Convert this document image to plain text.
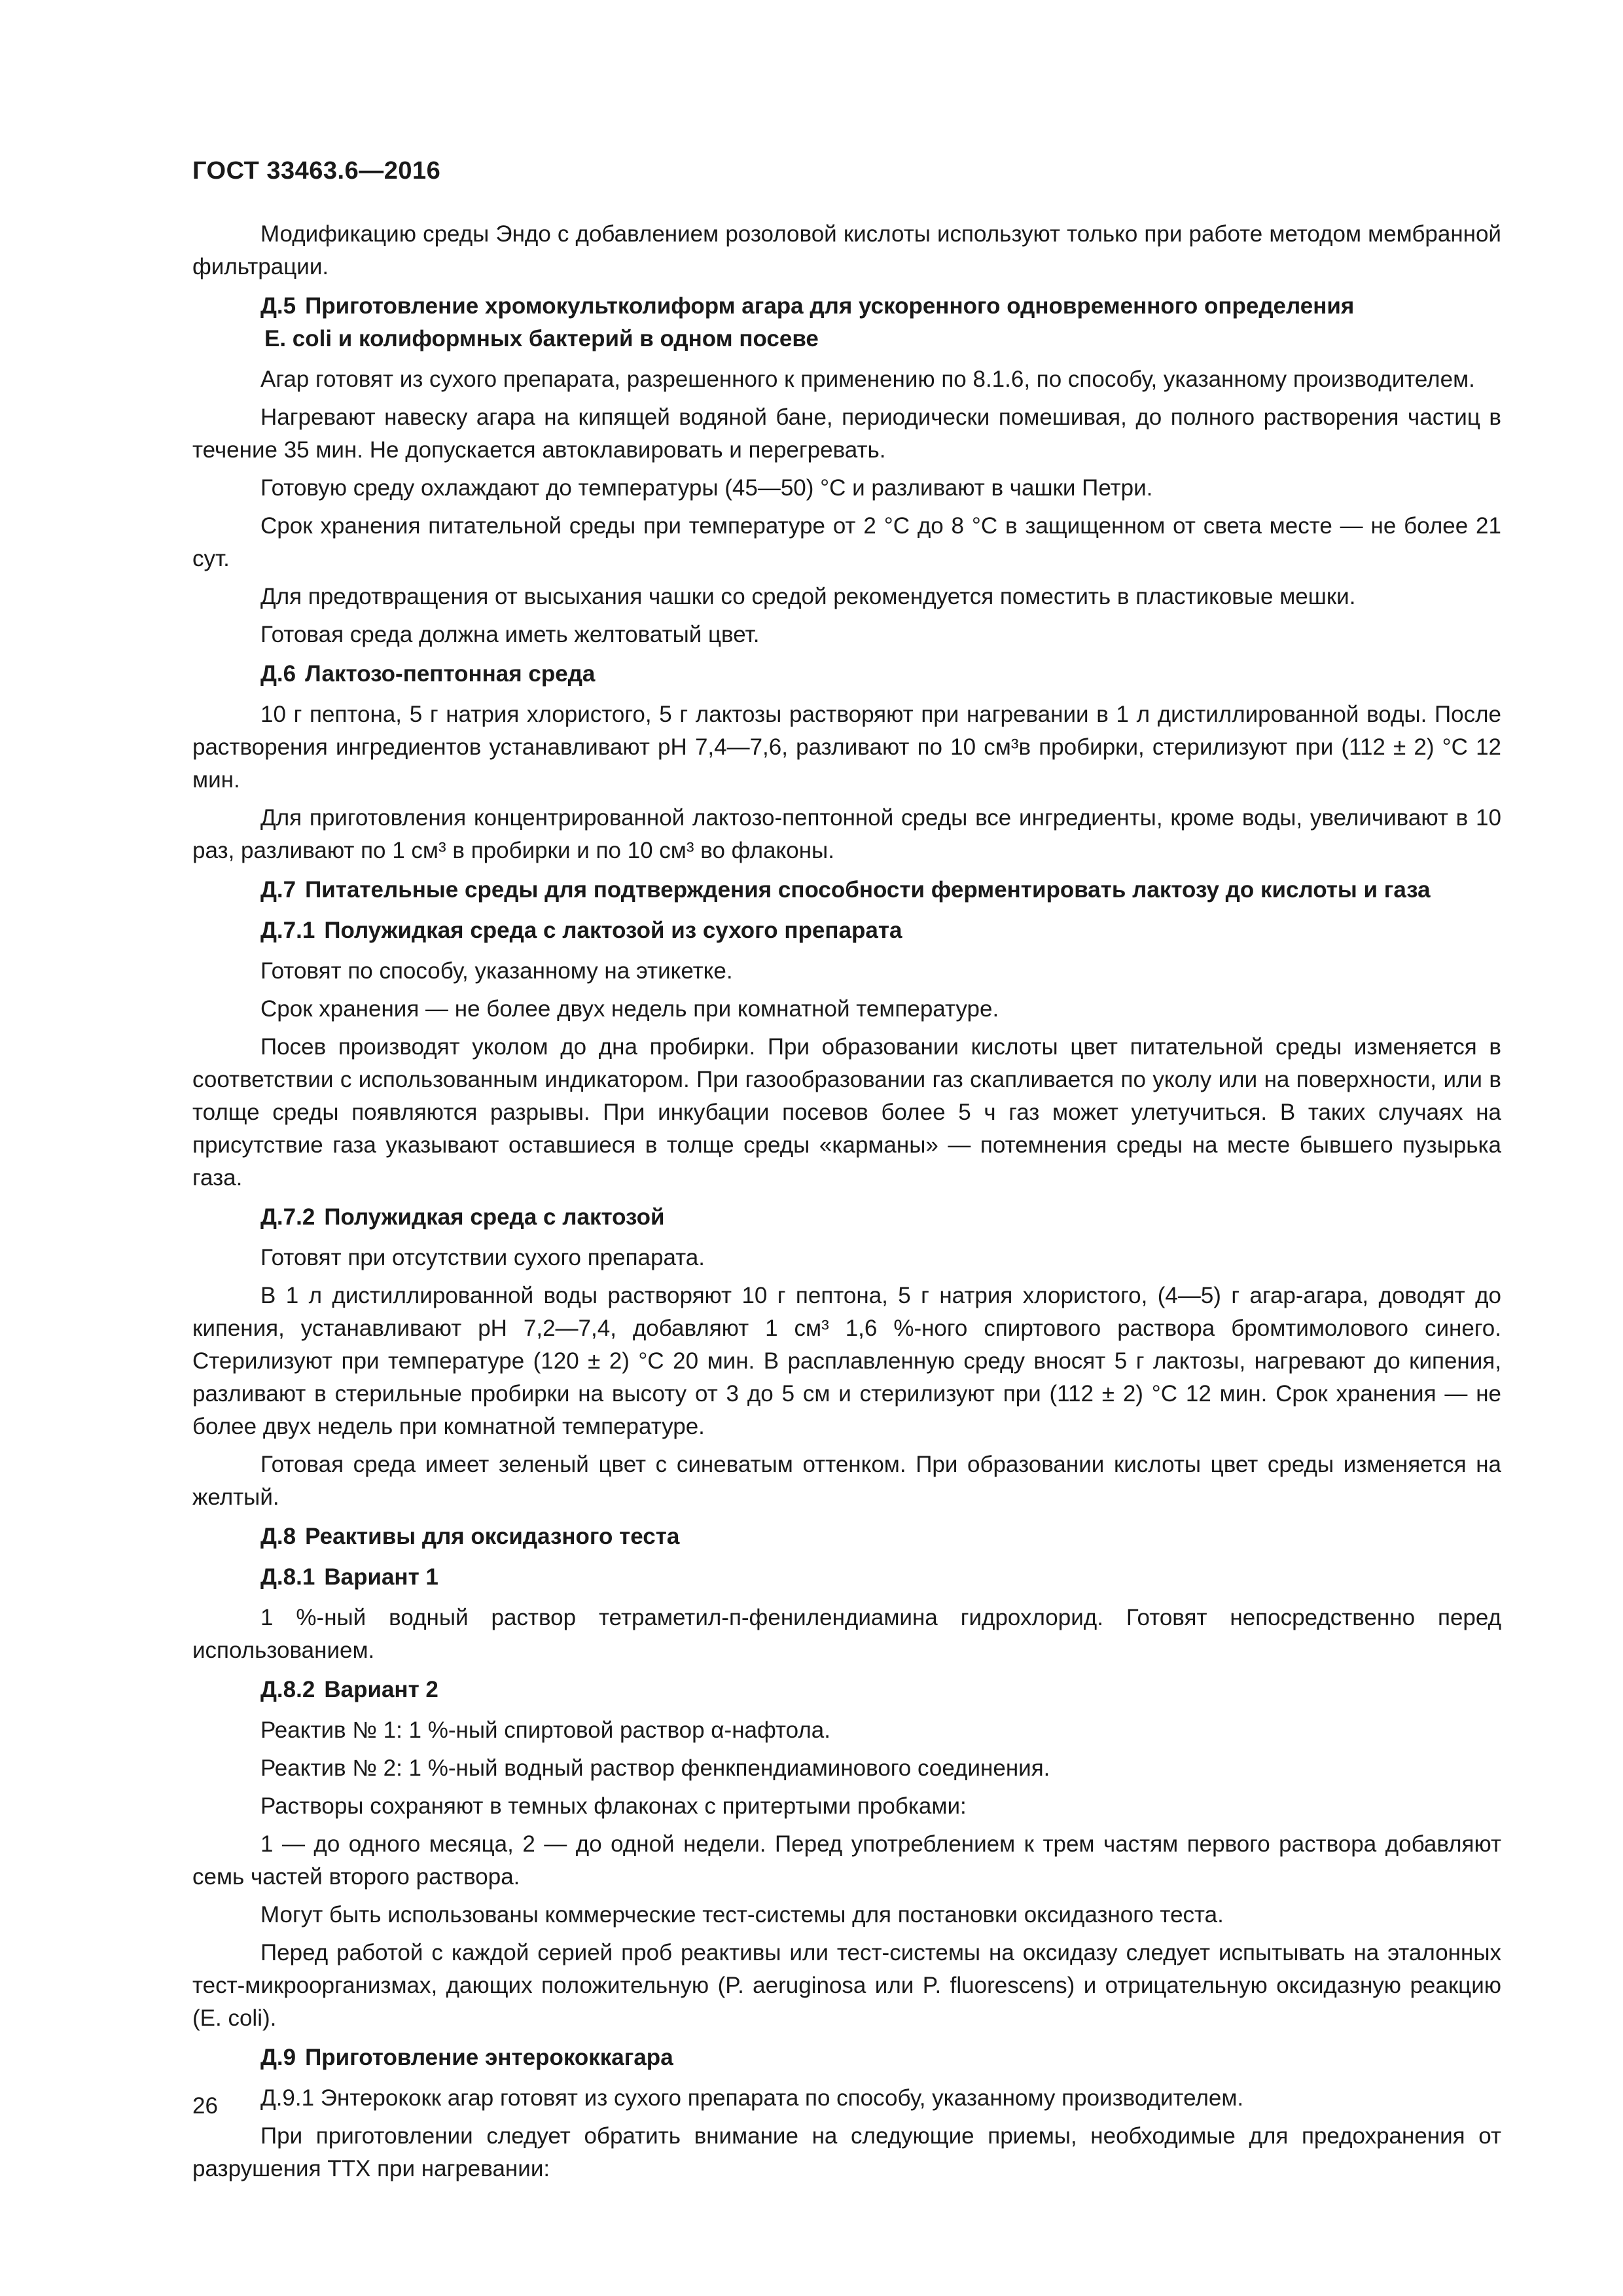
ГОСТ 33463.6—2016

Модификацию среды Эндо с добавлением розоловой кислоты используют только при работе методом мембранной фильтрации.

Д.5 Приготовление хромокультколиформ агара для ускоренного одновременного определения
E. coli и колиформных бактерий в одном посеве

Агар готовят из сухого препарата, разрешенного к применению по 8.1.6, по способу, указанному производителем.

Нагревают навеску агара на кипящей водяной бане, периодически помешивая, до полного растворения частиц в течение 35 мин. Не допускается автоклавировать и перегревать.

Готовую среду охлаждают до температуры (45—50) °С и разливают в чашки Петри.

Срок хранения питательной среды при температуре от 2 °С до 8 °С в защищенном от света месте — не более 21 сут.

Для предотвращения от высыхания чашки со средой рекомендуется поместить в пластиковые мешки.

Готовая среда должна иметь желтоватый цвет.

Д.6 Лактозо-пептонная среда

10 г пептона, 5 г натрия хлористого, 5 г лактозы растворяют при нагревании в 1 л дистиллированной воды. После растворения ингредиентов устанавливают pH 7,4—7,6, разливают по 10 см³в пробирки, стерилизуют при (112 ± 2) °С 12 мин.

Для приготовления концентрированной лактозо-пептонной среды все ингредиенты, кроме воды, увеличивают в 10 раз, разливают по 1 см³ в пробирки и по 10 см³ во флаконы.

Д.7 Питательные среды для подтверждения способности ферментировать лактозу до кислоты и газа
Д.7.1 Полужидкая среда с лактозой из сухого препарата

Готовят по способу, указанному на этикетке.

Срок хранения — не более двух недель при комнатной температуре.

Посев производят уколом до дна пробирки. При образовании кислоты цвет питательной среды изменяется в соответствии с использованным индикатором. При газообразовании газ скапливается по уколу или на поверхности, или в толще среды появляются разрывы. При инкубации посевов более 5 ч газ может улетучиться. В таких случаях на присутствие газа указывают оставшиеся в толще среды «карманы» — потемнения среды на месте бывшего пузырька газа.

Д.7.2 Полужидкая среда с лактозой

Готовят при отсутствии сухого препарата.

В 1 л дистиллированной воды растворяют 10 г пептона, 5 г натрия хлористого, (4—5) г агар-агара, доводят до кипения, устанавливают pH 7,2—7,4, добавляют 1 см³ 1,6 %-ного спиртового раствора бромтимолового синего. Стерилизуют при температуре (120 ± 2) °С 20 мин. В расплавленную среду вносят 5 г лактозы, нагревают до кипения, разливают в стерильные пробирки на высоту от 3 до 5 см и стерилизуют при (112 ± 2) °С 12 мин. Срок хранения — не более двух недель при комнатной температуре.

Готовая среда имеет зеленый цвет с синеватым оттенком. При образовании кислоты цвет среды изменяется на желтый.

Д.8 Реактивы для оксидазного теста
Д.8.1 Вариант 1

1 %-ный водный раствор тетраметил-п-фенилендиамина гидрохлорид. Готовят непосредственно перед использованием.

Д.8.2 Вариант 2

Реактив № 1: 1 %-ный спиртовой раствор α-нафтола.

Реактив № 2: 1 %-ный водный раствор фенкпендиаминового соединения.

Растворы сохраняют в темных флаконах с притертыми пробками:

1 — до одного месяца, 2 — до одной недели. Перед употреблением к трем частям первого раствора добавляют семь частей второго раствора.

Могут быть использованы коммерческие тест-системы для постановки оксидазного теста.

Перед работой с каждой серией проб реактивы или тест-системы на оксидазу следует испытывать на эталонных тест-микроорганизмах, дающих положительную (P. aeruginosa или P. fluorescens) и отрицательную оксидазную реакцию (E. coli).

Д.9 Приготовление энтерококкагара

Д.9.1 Энтерококк агар готовят из сухого препарата по способу, указанному производителем.

При приготовлении следует обратить внимание на следующие приемы, необходимые для предохранения от разрушения ТТХ при нагревании:

26
